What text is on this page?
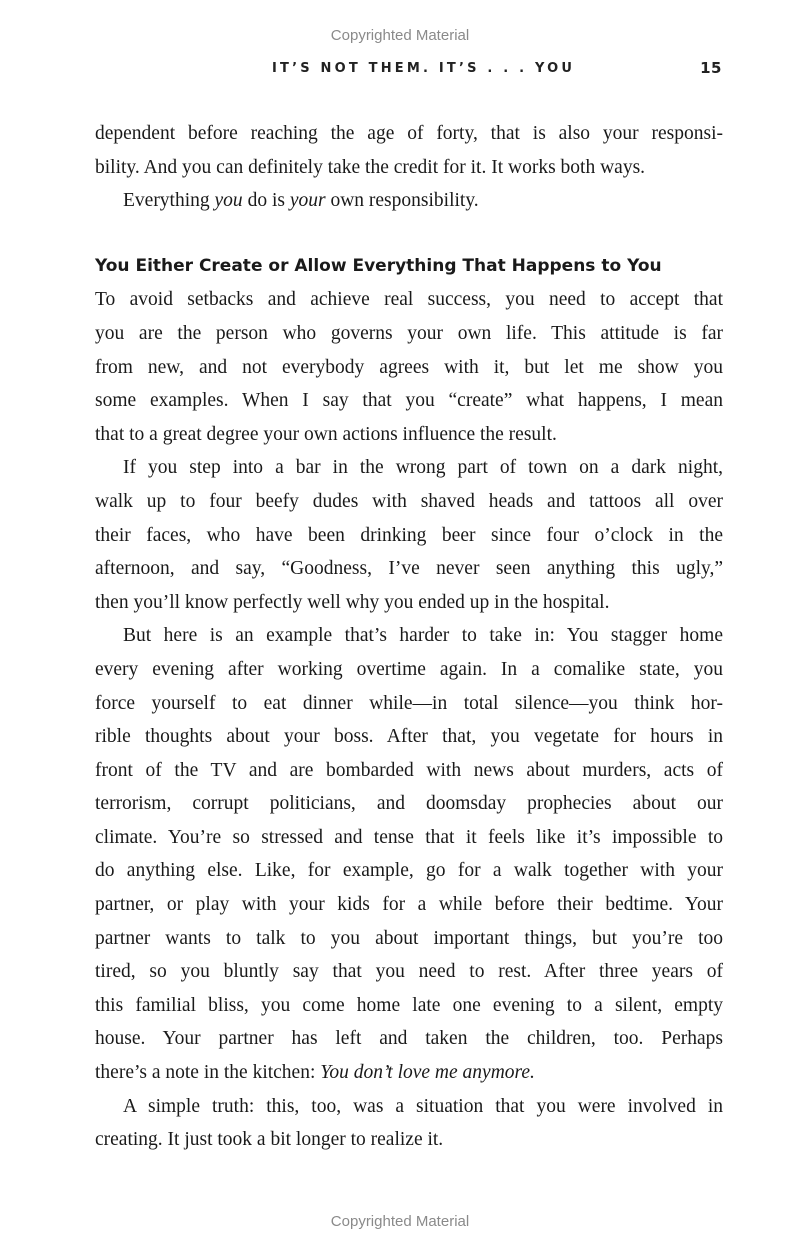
Copyrighted Material
IT’S NOT THEM. IT’S . . . YOU	15
dependent before reaching the age of forty, that is also your responsi-
bility. And you can definitely take the credit for it. It works both ways.
Everything you do is your own responsibility.
You Either Create or Allow Everything That Happens to You
To avoid setbacks and achieve real success, you need to accept that
you are the person who governs your own life. This attitude is far
from new, and not everybody agrees with it, but let me show you
some examples. When I say that you “create” what happens, I mean
that to a great degree your own actions influence the result.
If you step into a bar in the wrong part of town on a dark night,
walk up to four beefy dudes with shaved heads and tattoos all over
their faces, who have been drinking beer since four o’clock in the
afternoon, and say, “Goodness, I’ve never seen anything this ugly,”
then you’ll know perfectly well why you ended up in the hospital.
But here is an example that’s harder to take in: You stagger home
every evening after working overtime again. In a comalike state, you
force yourself to eat dinner while—in total silence—you think hor-
rible thoughts about your boss. After that, you vegetate for hours in
front of the TV and are bombarded with news about murders, acts of
terrorism, corrupt politicians, and doomsday prophecies about our
climate. You’re so stressed and tense that it feels like it’s impossible to
do anything else. Like, for example, go for a walk together with your
partner, or play with your kids for a while before their bedtime. Your
partner wants to talk to you about important things, but you’re too
tired, so you bluntly say that you need to rest. After three years of
this familial bliss, you come home late one evening to a silent, empty
house. Your partner has left and taken the children, too. Perhaps
there’s a note in the kitchen: You don’t love me anymore.
A simple truth: this, too, was a situation that you were involved in
creating. It just took a bit longer to realize it.
Copyrighted Material
